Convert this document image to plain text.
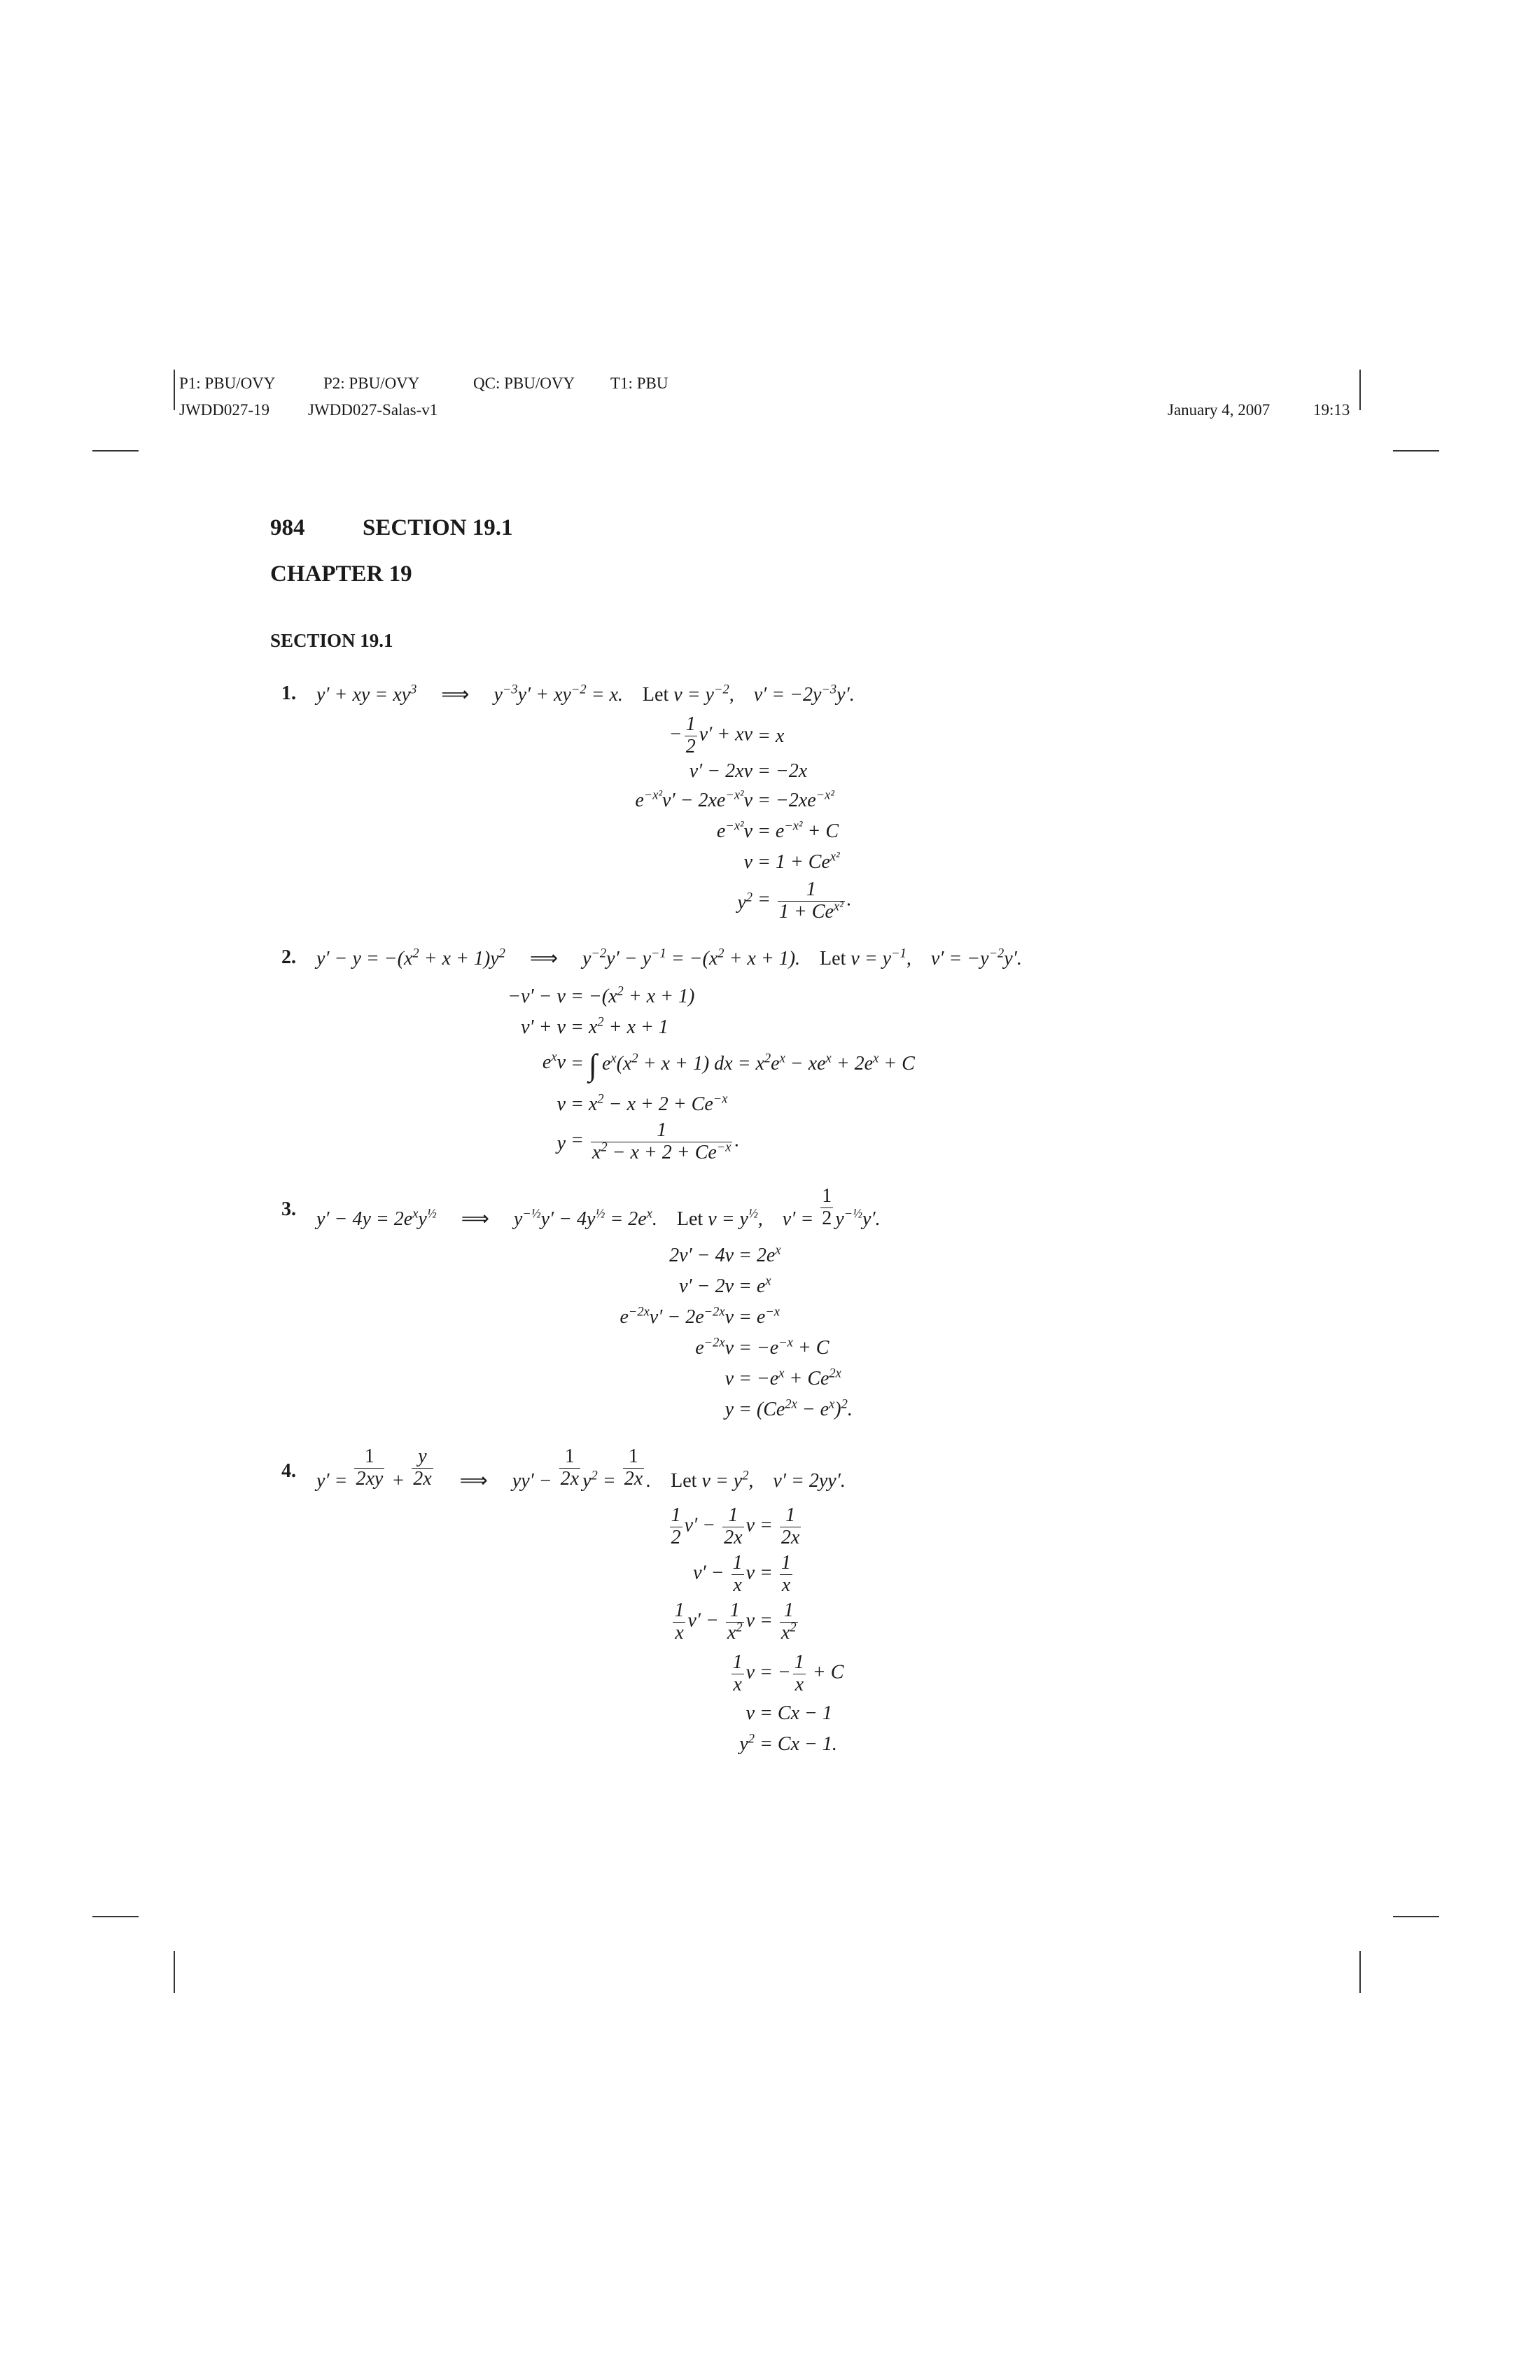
P1: PBU/OVY	P2: PBU/OVY	QC: PBU/OVY T1: PBU
JWDD027-19 JWDD027-Salas-v1	January 4, 2007	19:13
984	SECTION 19.1
CHAPTER 19
SECTION 19.1
1. y′ + xy = $xy^3$ ⟹     $y^{-3}y' + xy^{-2} = x$.    Let $v = y^{-2}$,    $v' = -2y^{-3}y'$.
− $\frac{1}{2} v'$ + xv = x
v′ − 2xv = −2x
$e^{-x^2}v' - 2xe^{-x^2}v = -2xe^{-x^2}$
$e^{-x^2}v = e^{-x^2} + C$
$v = 1 + Ce^{x^2}$
$y^2 = \frac{1}{1 + Ce^{x^2}}$ .
2. $y' - y = -(x^2 + x + 1)y^2$ ⟹     $y^{-2}y' - y^{-1} = -(x^2 + x + 1)$.    Let $v = y^{-1}$,    $v' = -y^{-2}y'$.
$-v' - v = -(x^2 + x + 1)$
$v' + v = x^2 + x + 1$
$e^xv$ = ∫ $e^x(x^2 + x + 1)$ dx = $x^2e^x - xe^x + 2e^x + C$
$v = x^2 - x + 2 + Ce^{-x}$
$y = \frac{1}{x^2 - x + 2 + Ce^{-x}}$ .
3. $y' - 4y = 2e^xy^{\frac{1}{2}}$ ⟹     $y^{-\frac{1}{2}}y' - 4y^{\frac{1}{2}} = 2e^x$.    Let $v = y^{\frac{1}{2}}$,    $v' = \frac{1}{2} y^{-\frac{1}{2}}y'$.
$2v' - 4v = 2e^x$
$v' - 2v = e^x$
$e^{-2x}v' - 2e^{-2x}v = e^{-x}$
$e^{-2x}v = -e^{-x} + C$
$v = -e^x + Ce^{2x}$
$y = (Ce^{2x} - e^x)^2$.
4. $y' = \frac{1}{2xy} + \frac{y}{2x}$ ⟹     $yy' - \frac{1}{2x} y^2 = \frac{1}{2x}$ .    Let $v = y^2$,    v′ = 2yy′.
$\frac{1}{2} v' - \frac{1}{2x}$ $v = \frac{1}{2x}$
$v' - \frac{1}{x}$ $v = \frac{1}{x}$
$\frac{1}{x} v' - \frac{1}{x^2}$ $v = \frac{1}{x^2}$
$\frac{1}{x}$ v = − $\frac{1}{x} + C$
v = Cx − 1
$y^2 = Cx - 1$.
